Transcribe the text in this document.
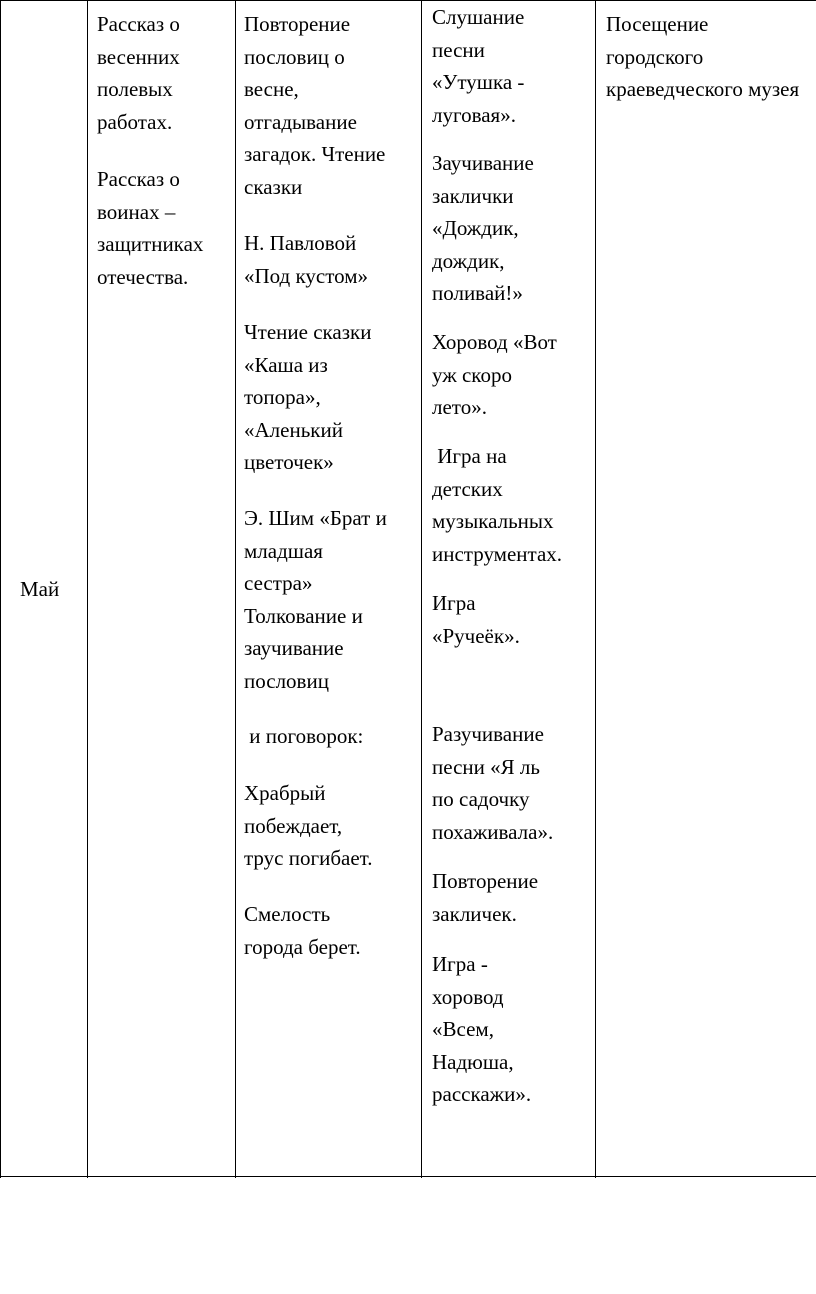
Май

Рассказ о
весенних
полевых
работах.

Рассказ о
воинах –
защитниках
отечества.

Повторение
пословиц о
весне,
отгадывание
загадок. Чтение
сказки

Н. Павловой
«Под кустом»

Чтение сказки
«Каша из
топора»,
«Аленький
цветочек»

Э. Шим «Брат и
младшая
сестра»
Толкование и
заучивание
пословиц

и поговорок:

Храбрый
побеждает,
трус погибает.

Смелость
города берет.

Слушание
песни
«Утушка -
луговая».

Заучивание
заклички
«Дождик,
дождик,
поливай!»

Хоровод «Вот
уж скоро
лето».

Игра на
детских
музыкальных
инструментах.

Игра
«Ручеёк».

Разучивание
песни «Я ль
по садочку
похаживала».

Повторение
закличек.

Игра -
хоровод
«Всем,
Надюша,
расскажи».

Посещение
городского
краеведческого музея
